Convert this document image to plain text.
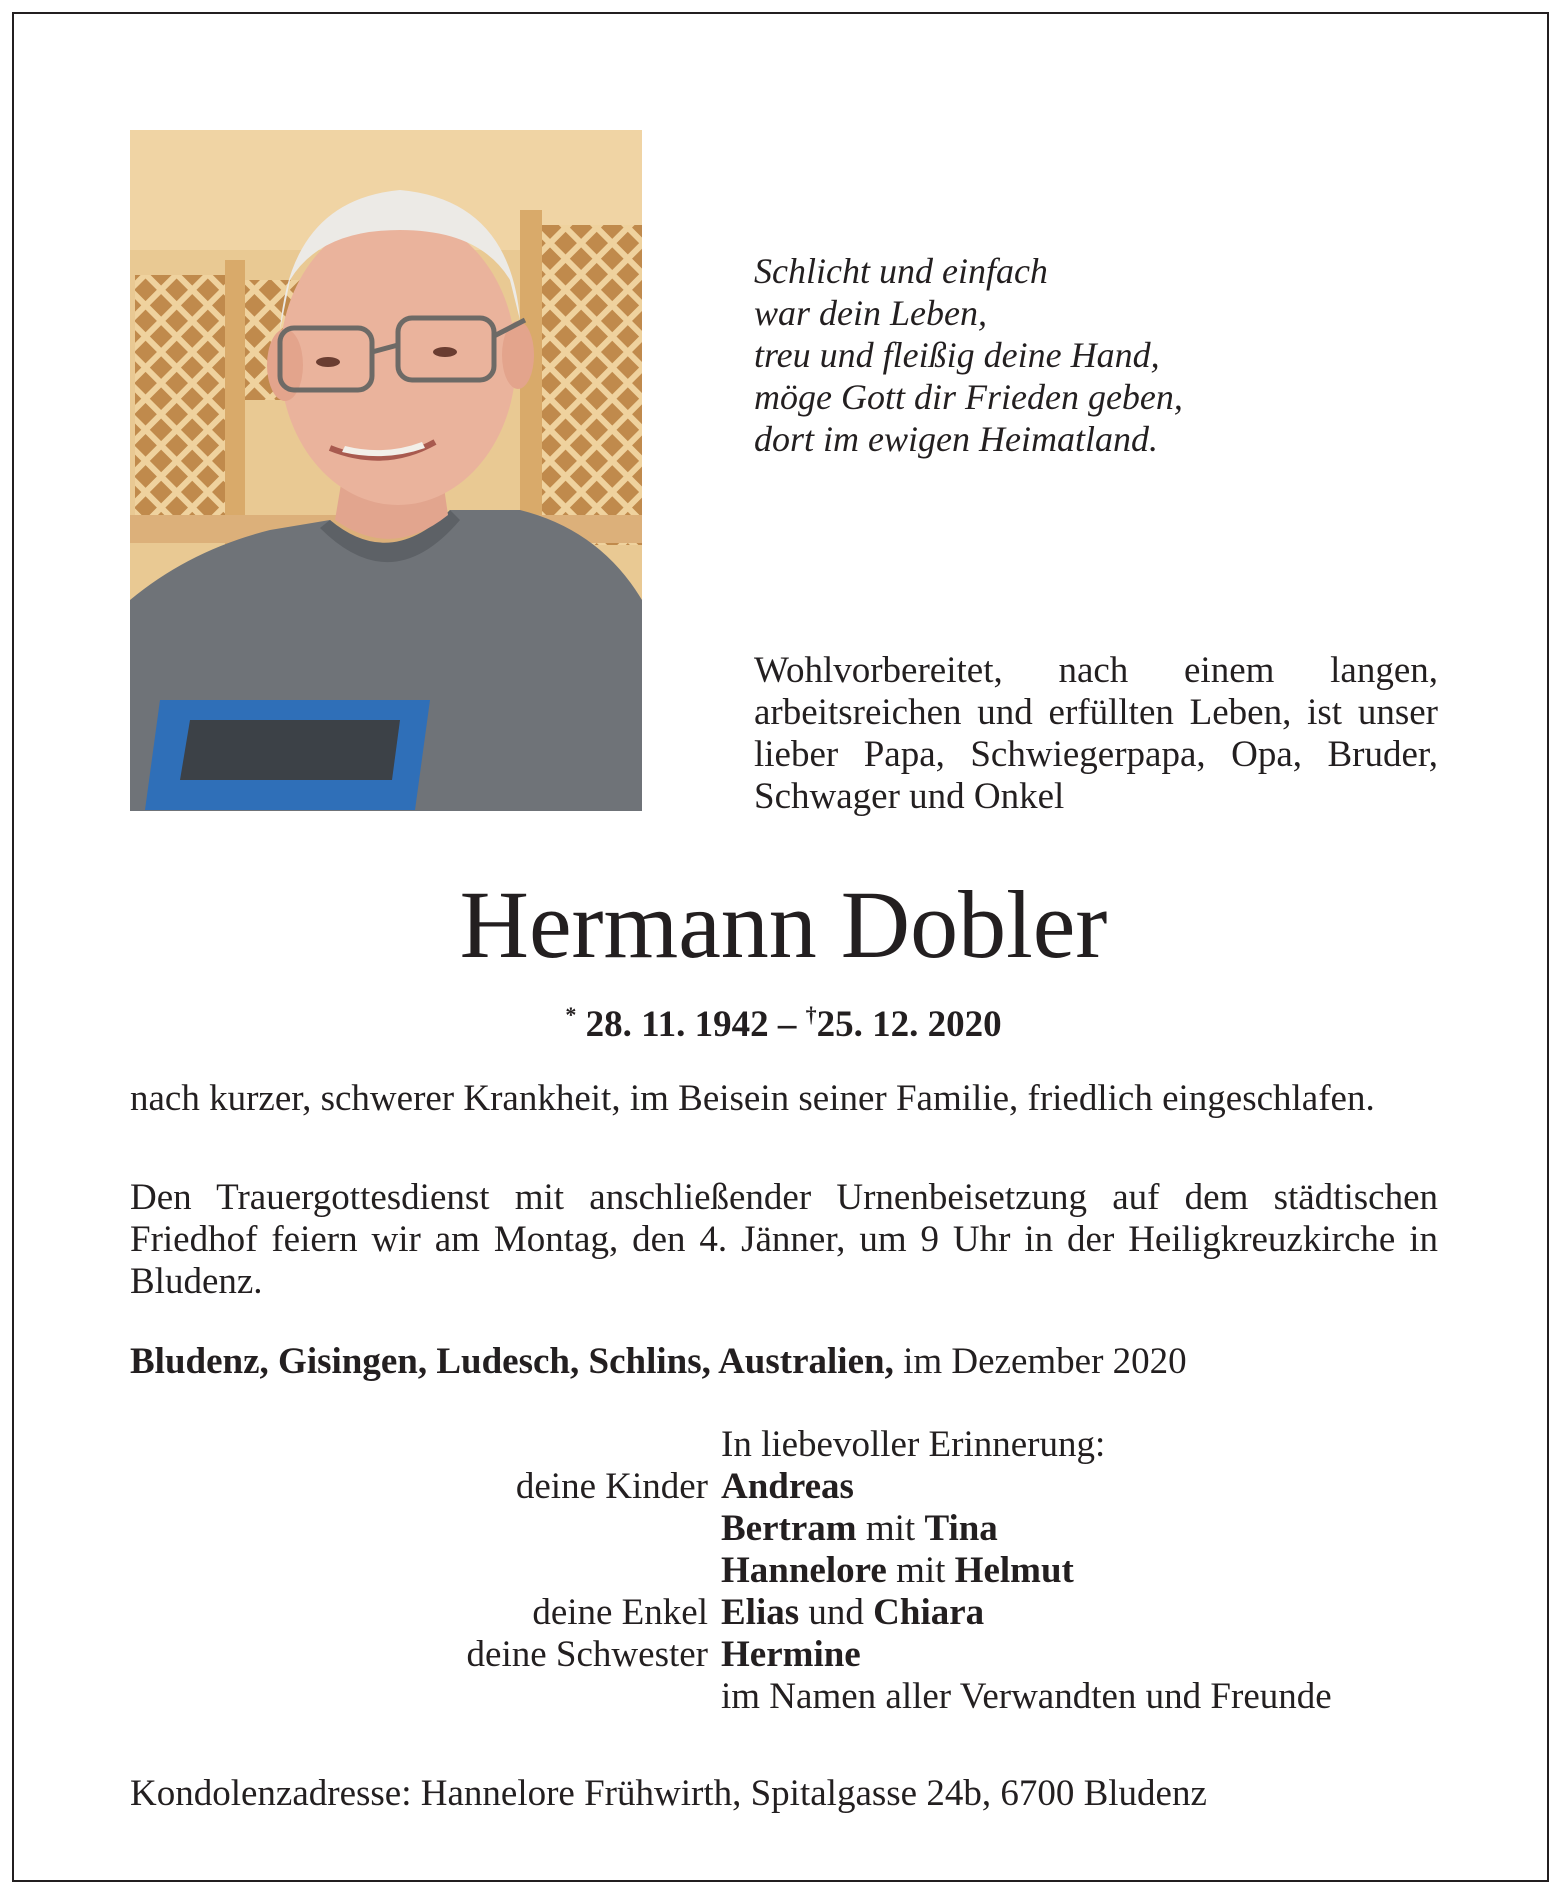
Schlicht und einfach
war dein Leben,
treu und fleißig deine Hand,
möge Gott dir Frieden geben,
dort im ewigen Heimatland.

Wohlvorbereitet, nach einem langen, arbeitsreichen und erfüllten Leben, ist unser lieber Papa, Schwiegerpapa, Opa, Bruder, Schwager und Onkel

Hermann Dobler
* 28. 11. 1942 – †25. 12. 2020

nach kurzer, schwerer Krankheit, im Beisein seiner Familie, friedlich eingeschlafen.

Den Trauergottesdienst mit anschließender Urnenbeisetzung auf dem städtischen Friedhof feiern wir am Montag, den 4. Jänner, um 9 Uhr in der Heiligkreuzkirche in Bludenz.

Bludenz, Gisingen, Ludesch, Schlins, Australien, im Dezember 2020
In liebevoller Erinnerung:
deine Kinder Andreas
Bertram mit Tina
Hannelore mit Helmut
deine Enkel Elias und Chiara
deine Schwester Hermine
im Namen aller Verwandten und Freunde
Kondolenzadresse: Hannelore Frühwirth, Spitalgasse 24b, 6700 Bludenz
